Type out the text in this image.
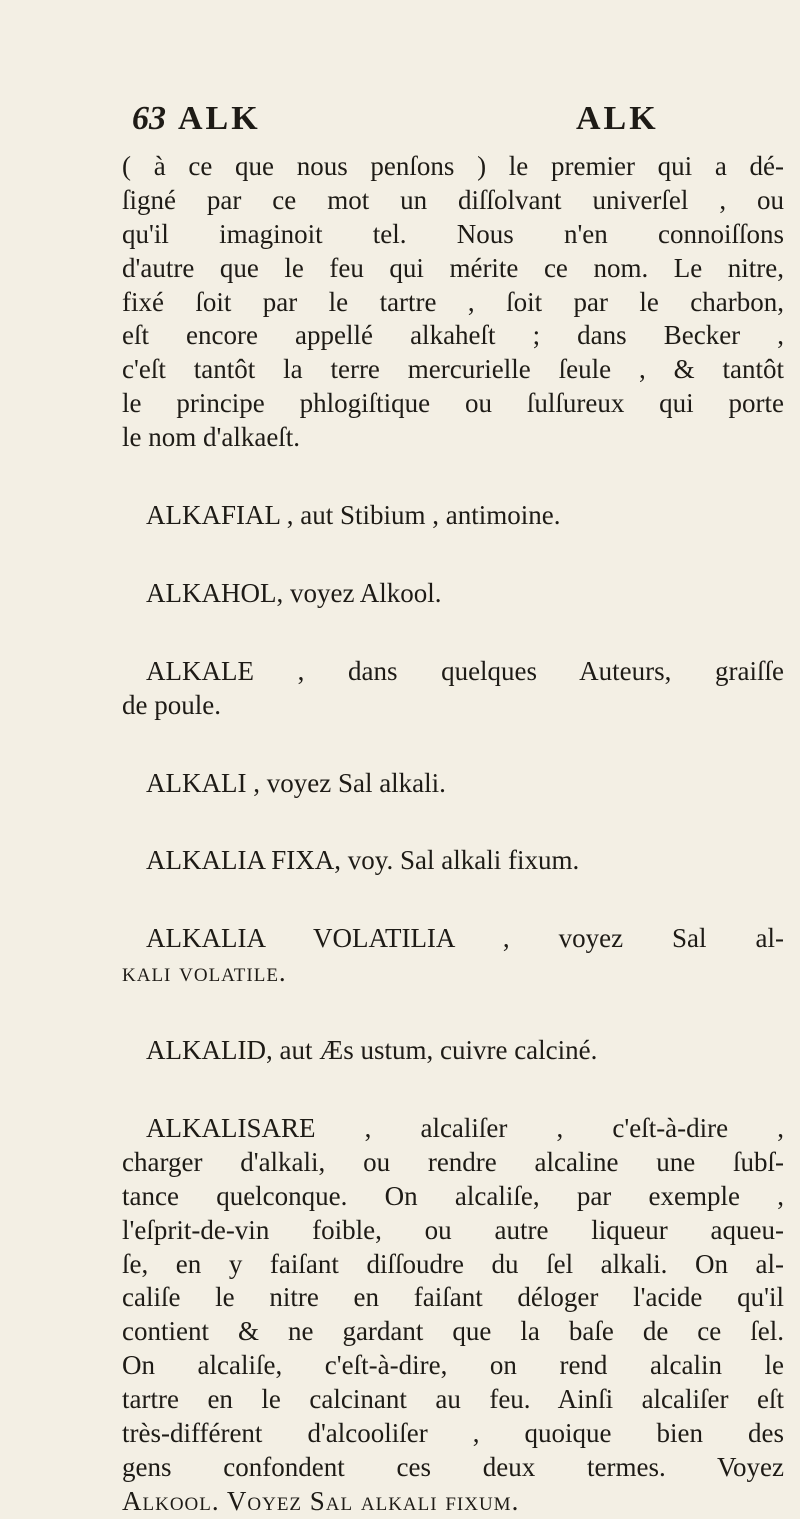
63 ALK	ALK
( à ce que nous penſons ) le premier qui a dé-
ſigné par ce mot un diſſolvant univerſel , ou
qu'il imaginoit tel. Nous n'en connoiſſons
d'autre que le feu qui mérite ce nom. Le nitre,
fixé ſoit par le tartre , ſoit par le charbon,
eſt encore appellé alkaheſt ; dans Becker ,
c'eſt tantôt la terre mercurielle ſeule , & tantôt
le principe phlogiſtique ou ſulſureux qui porte
le nom d'alkaeſt.
ALKAFIAL , aut Stibium , antimoine.
ALKAHOL, voyez Alkool.
ALKALE , dans quelques Auteurs, graiſſe
de poule.
ALKALI , voyez Sal alkali.
ALKALIA FIXA, voy. Sal alkali fixum.
ALKALIA VOLATILIA , voyez Sal al-
kali volatile.
ALKALID, aut Æs ustum, cuivre calciné.
ALKALISARE , alcaliſer , c'eſt-à-dire ,
charger d'alkali, ou rendre alcaline une ſubſ-
tance quelconque. On alcaliſe, par exemple ,
l'eſprit-de-vin foible, ou autre liqueur aqueu-
ſe, en y faiſant diſſoudre du ſel alkali. On al-
caliſe le nitre en faiſant déloger l'acide qu'il
contient & ne gardant que la baſe de ce ſel.
On alcaliſe, c'eſt-à-dire, on rend alcalin le
tartre en le calcinant au feu. Ainſi alcaliſer eſt
très-différent d'alcooliſer , quoique bien des
gens confondent ces deux termes. Voyez
Alkool. Voyez Sal alkali fixum.
